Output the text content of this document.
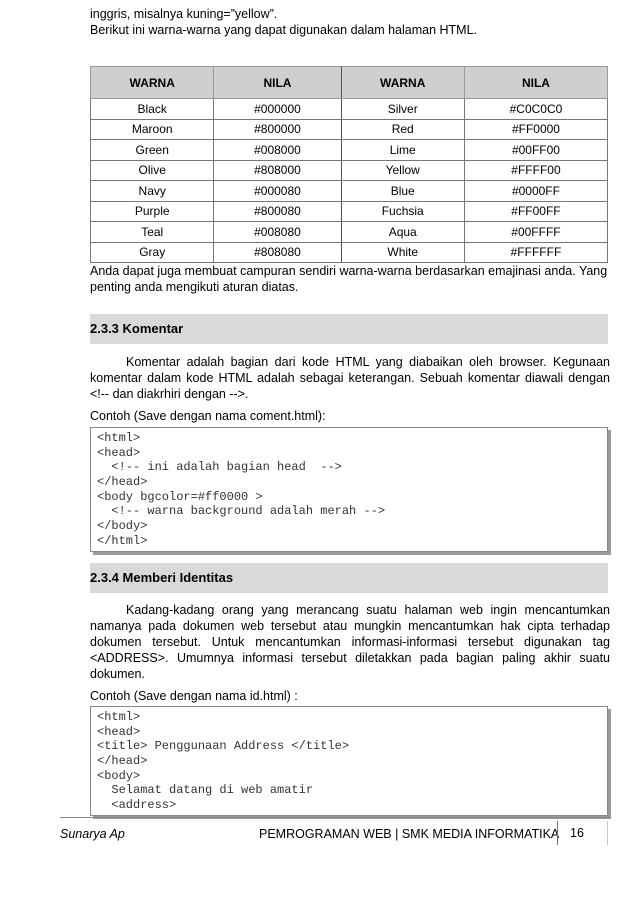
inggris, misalnya kuning=”yellow”.

Berikut ini warna-warna yang dapat digunakan dalam halaman HTML.

WARNA	NILA	WARNA	NILA
Black	#000000	Silver	#C0C0C0
Maroon	#800000	Red	#FF0000
Green	#008000	Lime	#00FF00
Olive	#808000	Yellow	#FFFF00
Navy	#000080	Blue	#0000FF
Purple	#800080	Fuchsia	#FF00FF
Teal	#008080	Aqua	#00FFFF
Gray	#808080	White	#FFFFFF

Anda dapat juga membuat campuran sendiri warna-warna berdasarkan emajinasi anda. Yang penting anda mengikuti aturan diatas.

2.3.3 Komentar

Komentar adalah bagian dari kode HTML yang diabaikan oleh browser. Kegunaan komentar dalam kode HTML adalah sebagai keterangan. Sebuah komentar diawali dengan <!-- dan diakrhiri dengan -->.

Contoh (Save dengan nama coment.html):

<html>
<head>
<!-- ini adalah bagian head  -->
</head>
<body bgcolor=#ff0000 >
<!-- warna background adalah merah -->
</body>
</html>
2.3.4 Memberi Identitas

Kadang-kadang orang yang merancang suatu halaman web ingin mencantumkan namanya pada dokumen web tersebut atau mungkin mencantumkan hak cipta terhadap dokumen tersebut. Untuk mencantumkan informasi-informasi tersebut digunakan tag <ADDRESS>. Umumnya informasi tersebut diletakkan pada bagian paling akhir suatu dokumen.

Contoh (Save dengan nama id.html) :

<html>
<head>
<title> Penggunaan Address </title>
</head>
<body>
Selamat datang di web amatir
<address>
Sunarya Ap	PEMROGRAMAN WEB | SMK MEDIA INFORMATIKA 16
